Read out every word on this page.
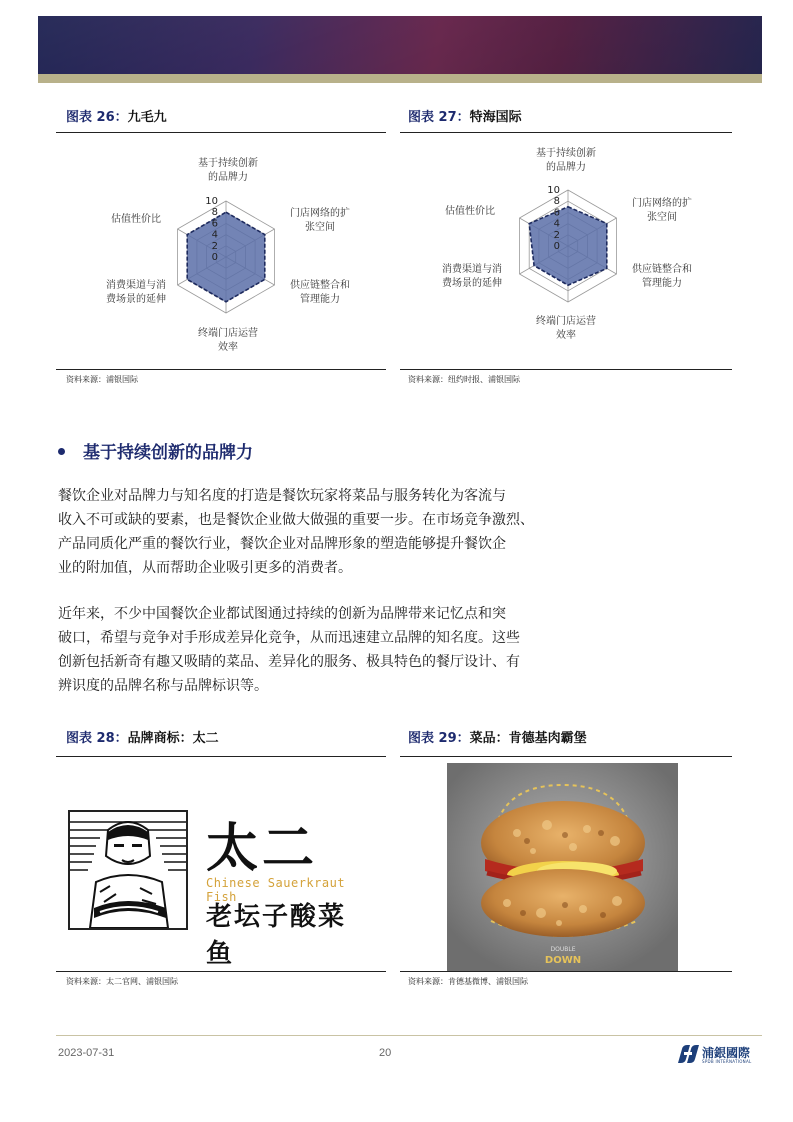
图表 26：九毛九
0
2
4
6
8
10
基于持续创新的品牌力
门店网络的扩张空间
供应链整合和管理能力
终端门店运营效率
消费渠道与消费场景的延伸
估值性价比
资料来源：浦银国际
图表 27：特海国际
0
2
4
6
8
10
基于持续创新的品牌力
门店网络的扩张空间
供应链整合和管理能力
终端门店运营效率
消费渠道与消费场景的延伸
估值性价比
资料来源：纽约时报、浦银国际
基于持续创新的品牌力
餐饮企业对品牌力与知名度的打造是餐饮玩家将菜品与服务转化为客流与
收入不可或缺的要素，也是餐饮企业做大做强的重要一步。在市场竞争激烈、
产品同质化严重的餐饮行业，餐饮企业对品牌形象的塑造能够提升餐饮企
业的附加值，从而帮助企业吸引更多的消费者。
近年来，不少中国餐饮企业都试图通过持续的创新为品牌带来记忆点和突
破口，希望与竞争对手形成差异化竞争，从而迅速建立品牌的知名度。这些
创新包括新奇有趣又吸睛的菜品、差异化的服务、极具特色的餐厅设计、有
辨识度的品牌名称与品牌标识等。
图表 28：品牌商标：太二
太二
Chinese Sauerkraut Fish
老坛子酸菜鱼
资料来源：太二官网、浦银国际
图表 29：菜品：肯德基肉霸堡
DOUBLE
DOWN
资料来源：肯德基微博、浦银国际
2023-07-31	20	浦銀國際
SPDB INTERNATIONAL
